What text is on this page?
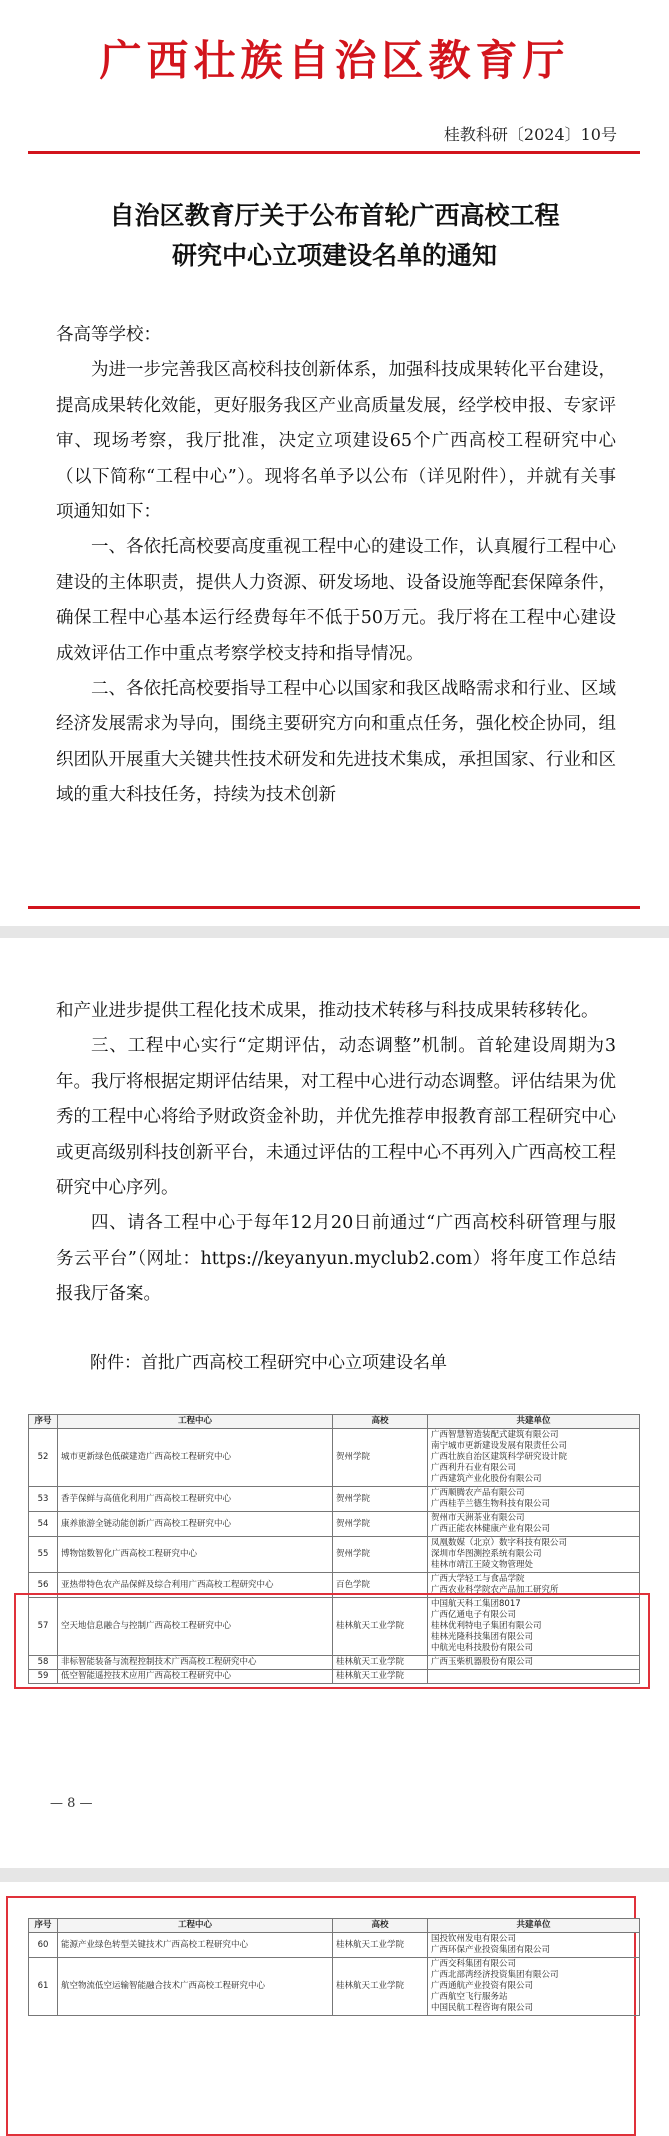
广西壮族自治区教育厅
桂教科研〔2024〕10号
自治区教育厅关于公布首轮广西高校工程
研究中心立项建设名单的通知

各高等学校：

为进一步完善我区高校科技创新体系，加强科技成果转化平台建设，提高成果转化效能，更好服务我区产业高质量发展，经学校申报、专家评审、现场考察，我厅批准，决定立项建设65个广西高校工程研究中心（以下简称“工程中心”）。现将名单予以公布（详见附件），并就有关事项通知如下：

一、各依托高校要高度重视工程中心的建设工作，认真履行工程中心建设的主体职责，提供人力资源、研发场地、设备设施等配套保障条件，确保工程中心基本运行经费每年不低于50万元。我厅将在工程中心建设成效评估工作中重点考察学校支持和指导情况。

二、各依托高校要指导工程中心以国家和我区战略需求和行业、区域经济发展需求为导向，围绕主要研究方向和重点任务，强化校企协同，组织团队开展重大关键共性技术研发和先进技术集成，承担国家、行业和区域的重大科技任务，持续为技术创新

和产业进步提供工程化技术成果，推动技术转移与科技成果转移转化。

三、工程中心实行“定期评估，动态调整”机制。首轮建设周期为3年。我厅将根据定期评估结果，对工程中心进行动态调整。评估结果为优秀的工程中心将给予财政资金补助，并优先推荐申报教育部工程研究中心或更高级别科技创新平台，未通过评估的工程中心不再列入广西高校工程研究中心序列。

四、请各工程中心于每年12月20日前通过“广西高校科研管理与服务云平台”（网址：https://keyanyun.myclub2.com）将年度工作总结报我厅备案。

附件：首批广西高校工程研究中心立项建设名单
序号	工程中心	高校	共建单位
52	城市更新绿色低碳建造广西高校工程研究中心	贺州学院	广西智慧智造装配式建筑有限公司
南宁城市更新建设发展有限责任公司
广西壮族自治区建筑科学研究设计院
广西利升石业有限公司
广西建筑产业化股份有限公司

53	香芋保鲜与高值化利用广西高校工程研究中心	贺州学院	广西顺腾农产品有限公司
广西桂芋兰德生物科技有限公司

54	康养旅游全链动能创新广西高校工程研究中心	贺州学院	贺州市天洲茶业有限公司
广西正能农林健康产业有限公司

55	博物馆数智化广西高校工程研究中心	贺州学院	凤凰数媒（北京）数字科技有限公司
深圳市华图测控系统有限公司
桂林市靖江王陵文物管理处

56	亚热带特色农产品保鲜及综合利用广西高校工程研究中心	百色学院	广西大学轻工与食品学院
广西农业科学院农产品加工研究所

57	空天地信息融合与控制广西高校工程研究中心	桂林航天工业学院	中国航天科工集团8017
广西亿通电子有限公司
桂林优利特电子集团有限公司
桂林光隆科技集团有限公司
中航光电科技股份有限公司

58	非标智能装备与流程控制技术广西高校工程研究中心	桂林航天工业学院	广西玉柴机器股份有限公司

59	低空智能遥控技术应用广西高校工程研究中心	桂林航天工业学院	

— 8 —
序号	工程中心	高校	共建单位
60	能源产业绿色转型关键技术广西高校工程研究中心	桂林航天工业学院	国投钦州发电有限公司
广西环保产业投资集团有限公司

61	航空物流低空运输智能融合技术广西高校工程研究中心	桂林航天工业学院	广西交科集团有限公司
广西北部湾经济投资集团有限公司
广西通航产业投资有限公司
广西航空飞行服务站
中国民航工程咨询有限公司
